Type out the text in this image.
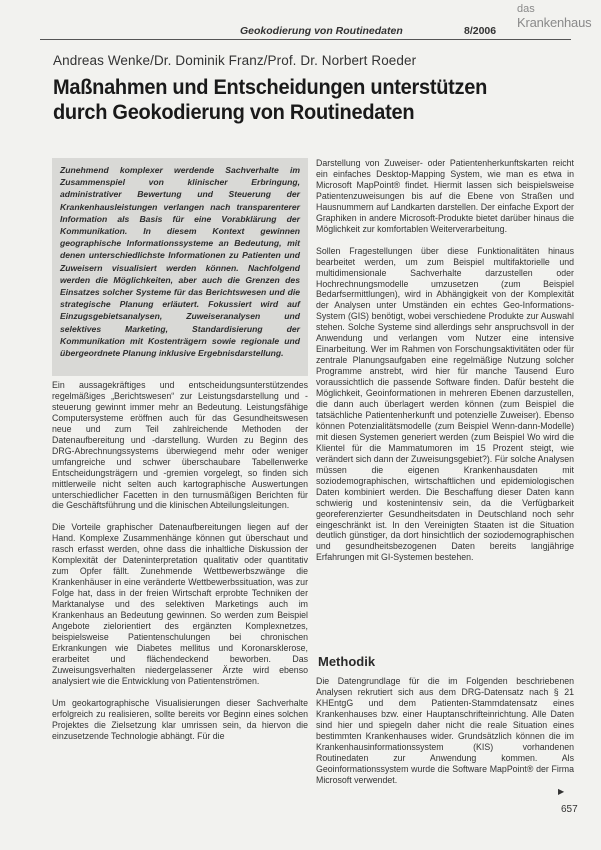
Geokodierung von Routinedaten	8/2006
das
Krankenhaus
Andreas Wenke/Dr. Dominik Franz/Prof. Dr. Norbert Roeder
Maßnahmen und Entscheidungen unterstützen durch Geokodierung von Routinedaten
Zunehmend komplexer werdende Sachverhalte im Zusammenspiel von klinischer Erbringung, administrativer Bewertung und Steuerung der Krankenhausleistungen verlangen nach transparenterer Information als Basis für eine Vorabklärung der Kommunikation. In diesem Kontext gewinnen geographische Informationssysteme an Bedeutung, mit denen unterschiedlichste Informationen zu Patienten und Zuweisern visualisiert werden können. Nachfolgend werden die Möglichkeiten, aber auch die Grenzen des Einsatzes solcher Systeme für das Berichtswesen und die strategische Planung erläutert. Fokussiert wird auf Einzugsgebietsanalysen, Zuweiseranalysen und selektives Marketing, Standardisierung der Kommunikation mit Kostenträgern sowie regionale und übergeordnete Planung inklusive Ergebnisdarstellung.

Ein aussagekräftiges und entscheidungsunterstützendes regelmäßiges „Berichtswesen“ zur Leistungsdarstellung und -steuerung gewinnt immer mehr an Bedeutung. Leistungsfähige Computersysteme eröffnen auch für das Gesundheitswesen neue und zum Teil zahlreichende Methoden der Datenaufbereitung und -darstellung. Wurden zu Beginn des DRG-Abrechnungssystems überwiegend mehr oder weniger umfangreiche und schwer überschaubare Tabellenwerke Entscheidungsträgern und -gremien vorgelegt, so finden sich mittlerweile nicht selten auch kartographische Auswertungen unterschiedlicher Facetten in den turnusmäßigen Berichten für die Geschäftsführung und die klinischen Abteilungsleitungen.

Die Vorteile graphischer Datenaufbereitungen liegen auf der Hand. Komplexe Zusammenhänge können gut überschaut und rasch erfasst werden, ohne dass die inhaltliche Diskussion der Komplexität der Dateninterpretation qualitativ oder quantitativ zum Opfer fällt. Zunehmende Wettbewerbszwänge die Krankenhäuser in eine veränderte Wettbewerbssituation, was zur Folge hat, dass in der freien Wirtschaft erprobte Techniken der Marktanalyse und des selektiven Marketings auch im Krankenhaus an Bedeutung gewinnen. So werden zum Beispiel Angebote zielorientiert des ergänzten Komplexnetzes, beispielsweise Patientenschulungen bei chronischen Erkrankungen wie Diabetes mellitus und Koronarsklerose, erarbeitet und flächendeckend beworben. Das Zuweisungsverhalten niedergelassener Ärzte wird ebenso analysiert wie die Entwicklung von Patientenströmen.

Um geokartographische Visualisierungen dieser Sachverhalte erfolgreich zu realisieren, sollte bereits vor Beginn eines solchen Projektes die Zielsetzung klar umrissen sein, da hiervon die einzusetzende Technologie abhängt. Für die

Darstellung von Zuweiser- oder Patientenherkunftskarten reicht ein einfaches Desktop-Mapping System, wie man es etwa in Microsoft MapPoint® findet. Hiermit lassen sich beispielsweise Patientenzuweisungen bis auf die Ebene von Straßen und Hausnummern auf Landkarten darstellen. Der einfache Export der Graphiken in andere Microsoft-Produkte bietet darüber hinaus die Möglichkeit zur komfortablen Weiterverarbeitung.

Sollen Fragestellungen über diese Funktionalitäten hinaus bearbeitet werden, um zum Beispiel multifaktorielle und multidimensionale Sachverhalte darzustellen oder Hochrechnungsmodelle umzusetzen (zum Beispiel Bedarfsermittlungen), wird in Abhängigkeit von der Komplexität der Analysen unter Umständen ein echtes Geo-Informations-System (GIS) benötigt, wobei verschiedene Produkte zur Auswahl stehen. Solche Systeme sind allerdings sehr anspruchsvoll in der Anwendung und verlangen vom Nutzer eine intensive Einarbeitung. Wer im Rahmen von Forschungsaktivitäten oder für zentrale Planungsaufgaben eine regelmäßige Nutzung solcher Programme anstrebt, wird hier für manche Tausend Euro voraussichtlich die passende Software finden. Dafür besteht die Möglichkeit, Geoinformationen in mehreren Ebenen darzustellen, die dann auch überlagert werden können (zum Beispiel die tatsächliche Patientenherkunft und potenzielle Zuweiser). Ebenso können Potenzialitätsmodelle (zum Beispiel Wenn-dann-Modelle) mit diesen Systemen generiert werden (zum Beispiel Wo wird die Klientel für die Mammatumoren im 15 Prozent steigt, wie verändert sich dann der Zuweisungsgebiet?). Für solche Analysen müssen die eigenen Krankenhausdaten mit soziodemographischen, wirtschaftlichen und epidemiologischen Daten kombiniert werden. Die Beschaffung dieser Daten kann schwierig und kostenintensiv sein, da die Verfügbarkeit georeferenzierter Gesundheitsdaten in Deutschland noch sehr eingeschränkt ist. In den Vereinigten Staaten ist die Situation deutlich günstiger, da dort hinsichtlich der soziodemographischen und gesundheitsbezogenen Daten bereits langjährige Erfahrungen mit GI-Systemen bestehen.

Methodik

Die Datengrundlage für die im Folgenden beschriebenen Analysen rekrutiert sich aus dem DRG-Datensatz nach § 21 KHEntgG und dem Patienten-Stammdatensatz eines Krankenhauses bzw. einer Hauptanschrifteinrichtung. Alle Daten sind hier und spiegeln daher nicht die reale Situation eines bestimmten Krankenhauses wider. Grundsätzlich können die im Krankenhausinformationssystem (KIS) vorhandenen Routinedaten zur Anwendung kommen. Als Geoinformationssystem wurde die Software MapPoint® der Firma Microsoft verwendet.

▶
657
